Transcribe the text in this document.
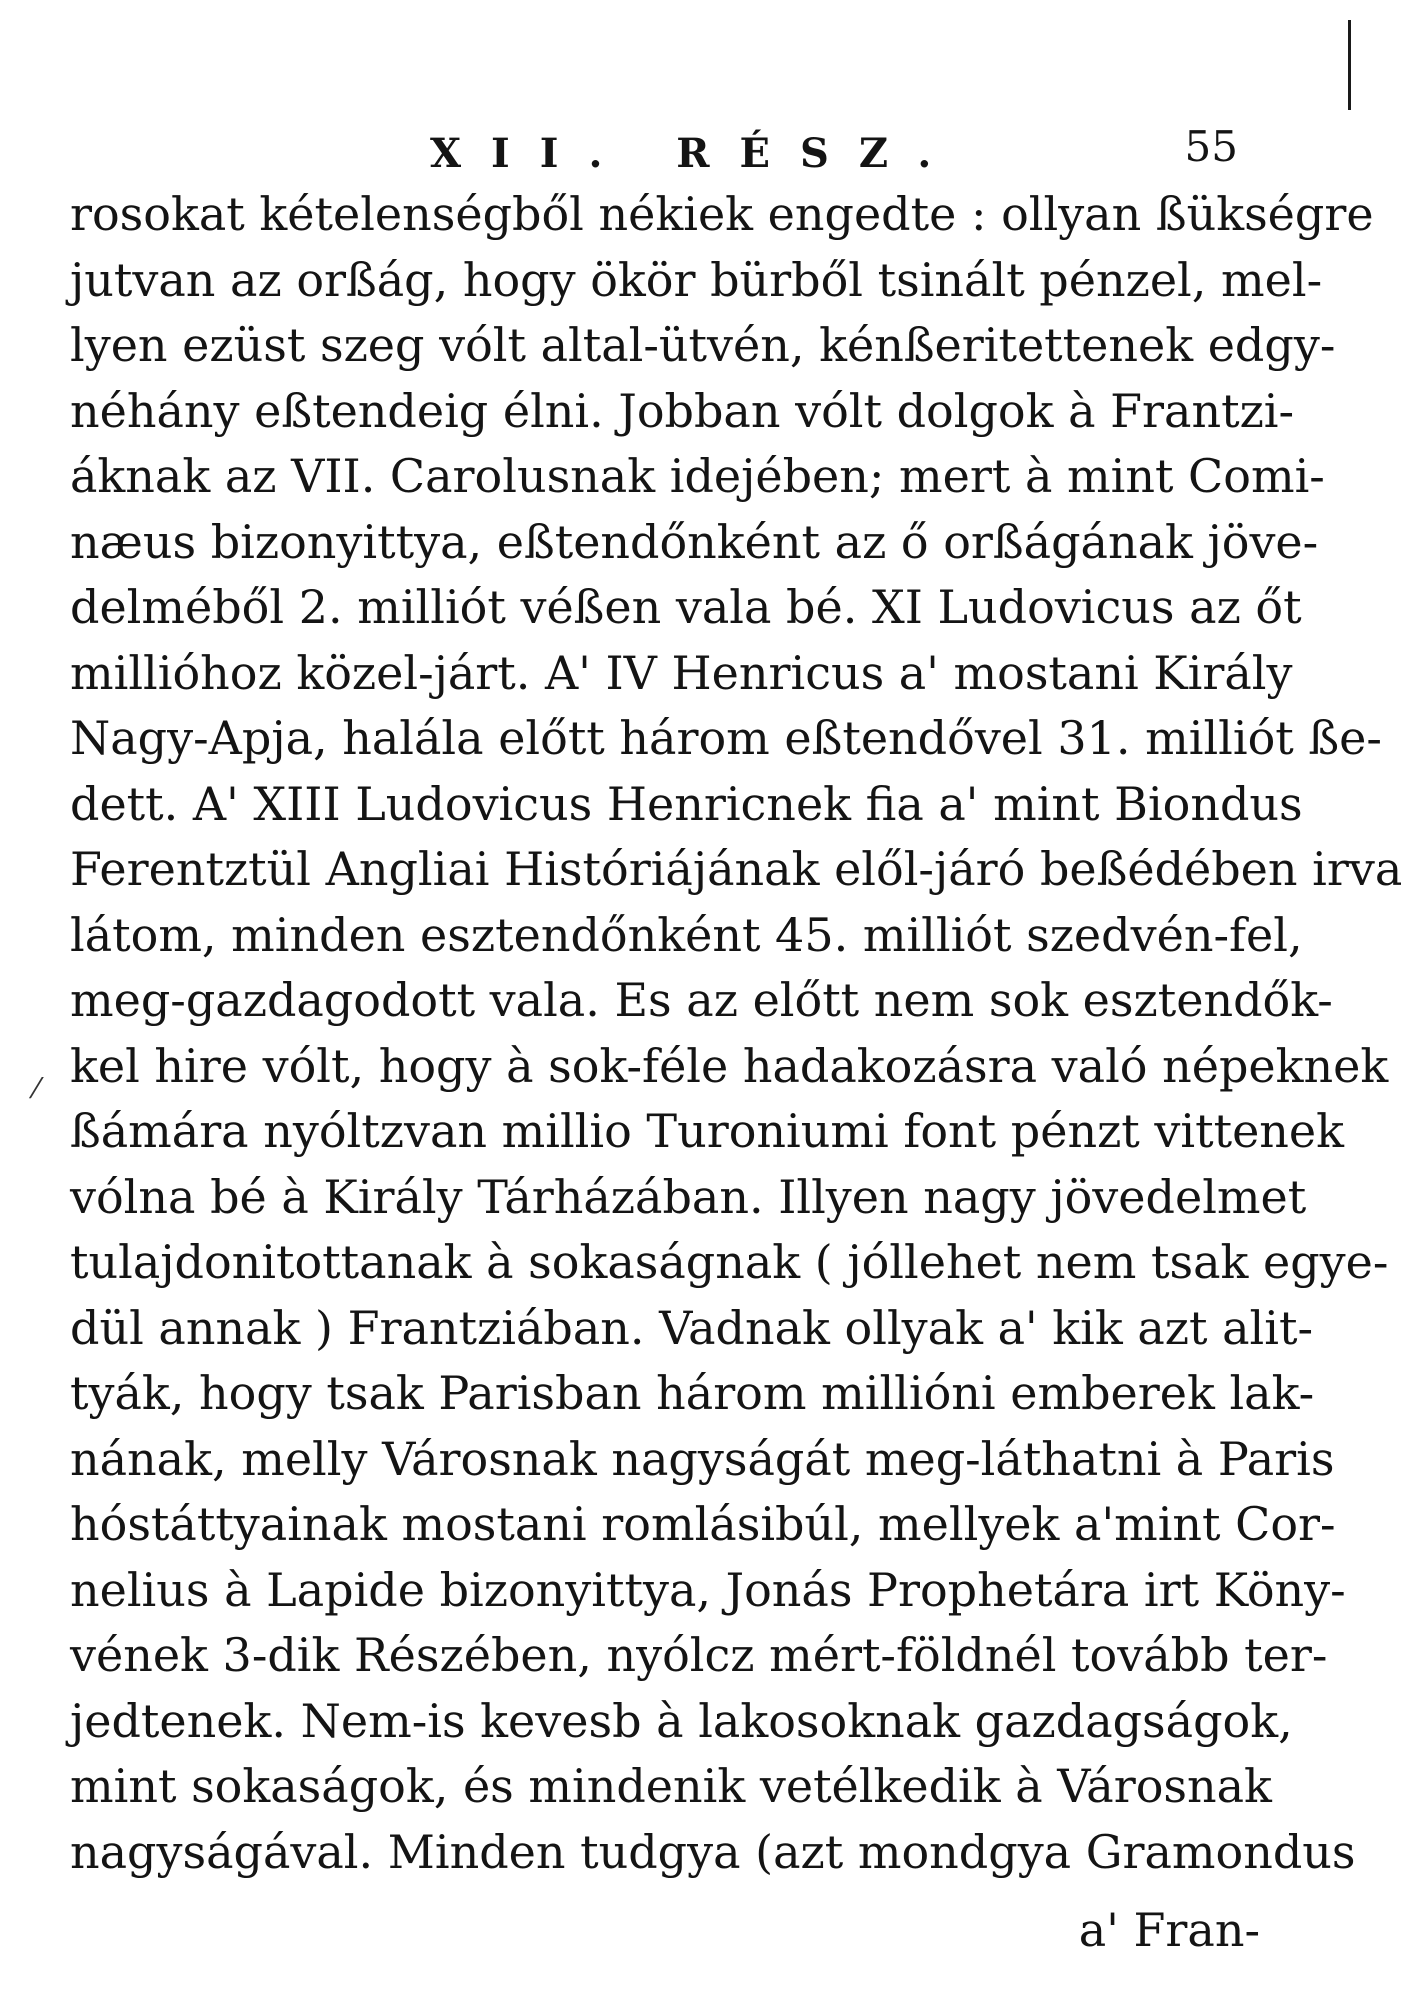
XII. RÉSZ.	55
⁄
rosokat kételenségből nékiek engedte : ollyan ßükségre
jutvan az orßág, hogy ökör bürből tsinált pénzel, mel-
lyen ezüst szeg vólt altal-ütvén, kénßeritettenek edgy-
néhány eßtendeig élni. Jobban vólt dolgok à Frantzi-
áknak az VII. Carolusnak idejében; mert à mint Comi-
næus bizonyittya, eßtendőnként az ő orßágának jöve-
delméből 2. milliót véßen vala bé. XI Ludovicus az őt
millióhoz közel-járt. A' IV Henricus a' mostani Király
Nagy-Apja, halála előtt három eßtendővel 31. milliót ße-
dett. A' XIII Ludovicus Henricnek fia a' mint Biondus
Ferentztül Angliai Históriájának elől-járó beßédében irva
látom, minden esztendőnként 45. milliót szedvén-fel,
meg-gazdagodott vala. Es az előtt nem sok esztendők-
kel hire vólt, hogy à sok-féle hadakozásra való népeknek
ßámára nyóltzvan millio Turoniumi font pénzt vittenek
vólna bé à Király Tárházában. Illyen nagy jövedelmet
tulajdonitottanak à sokaságnak ( jóllehet nem tsak egye-
dül annak ) Frantziában. Vadnak ollyak a' kik azt alit-
tyák, hogy tsak Parisban három millióni emberek lak-
nának, melly Városnak nagyságát meg-láthatni à Paris
hóstáttyainak mostani romlásibúl, mellyek a'mint Cor-
nelius à Lapide bizonyittya, Jonás Prophetára irt Köny-
vének 3-dik Részében, nyólcz mért-földnél tovább ter-
jedtenek. Nem-is kevesb à lakosoknak gazdagságok,
mint sokaságok, és mindenik vetélkedik à Városnak
nagyságával. Minden tudgya (azt mondgya Gramondus
a' Fran-
